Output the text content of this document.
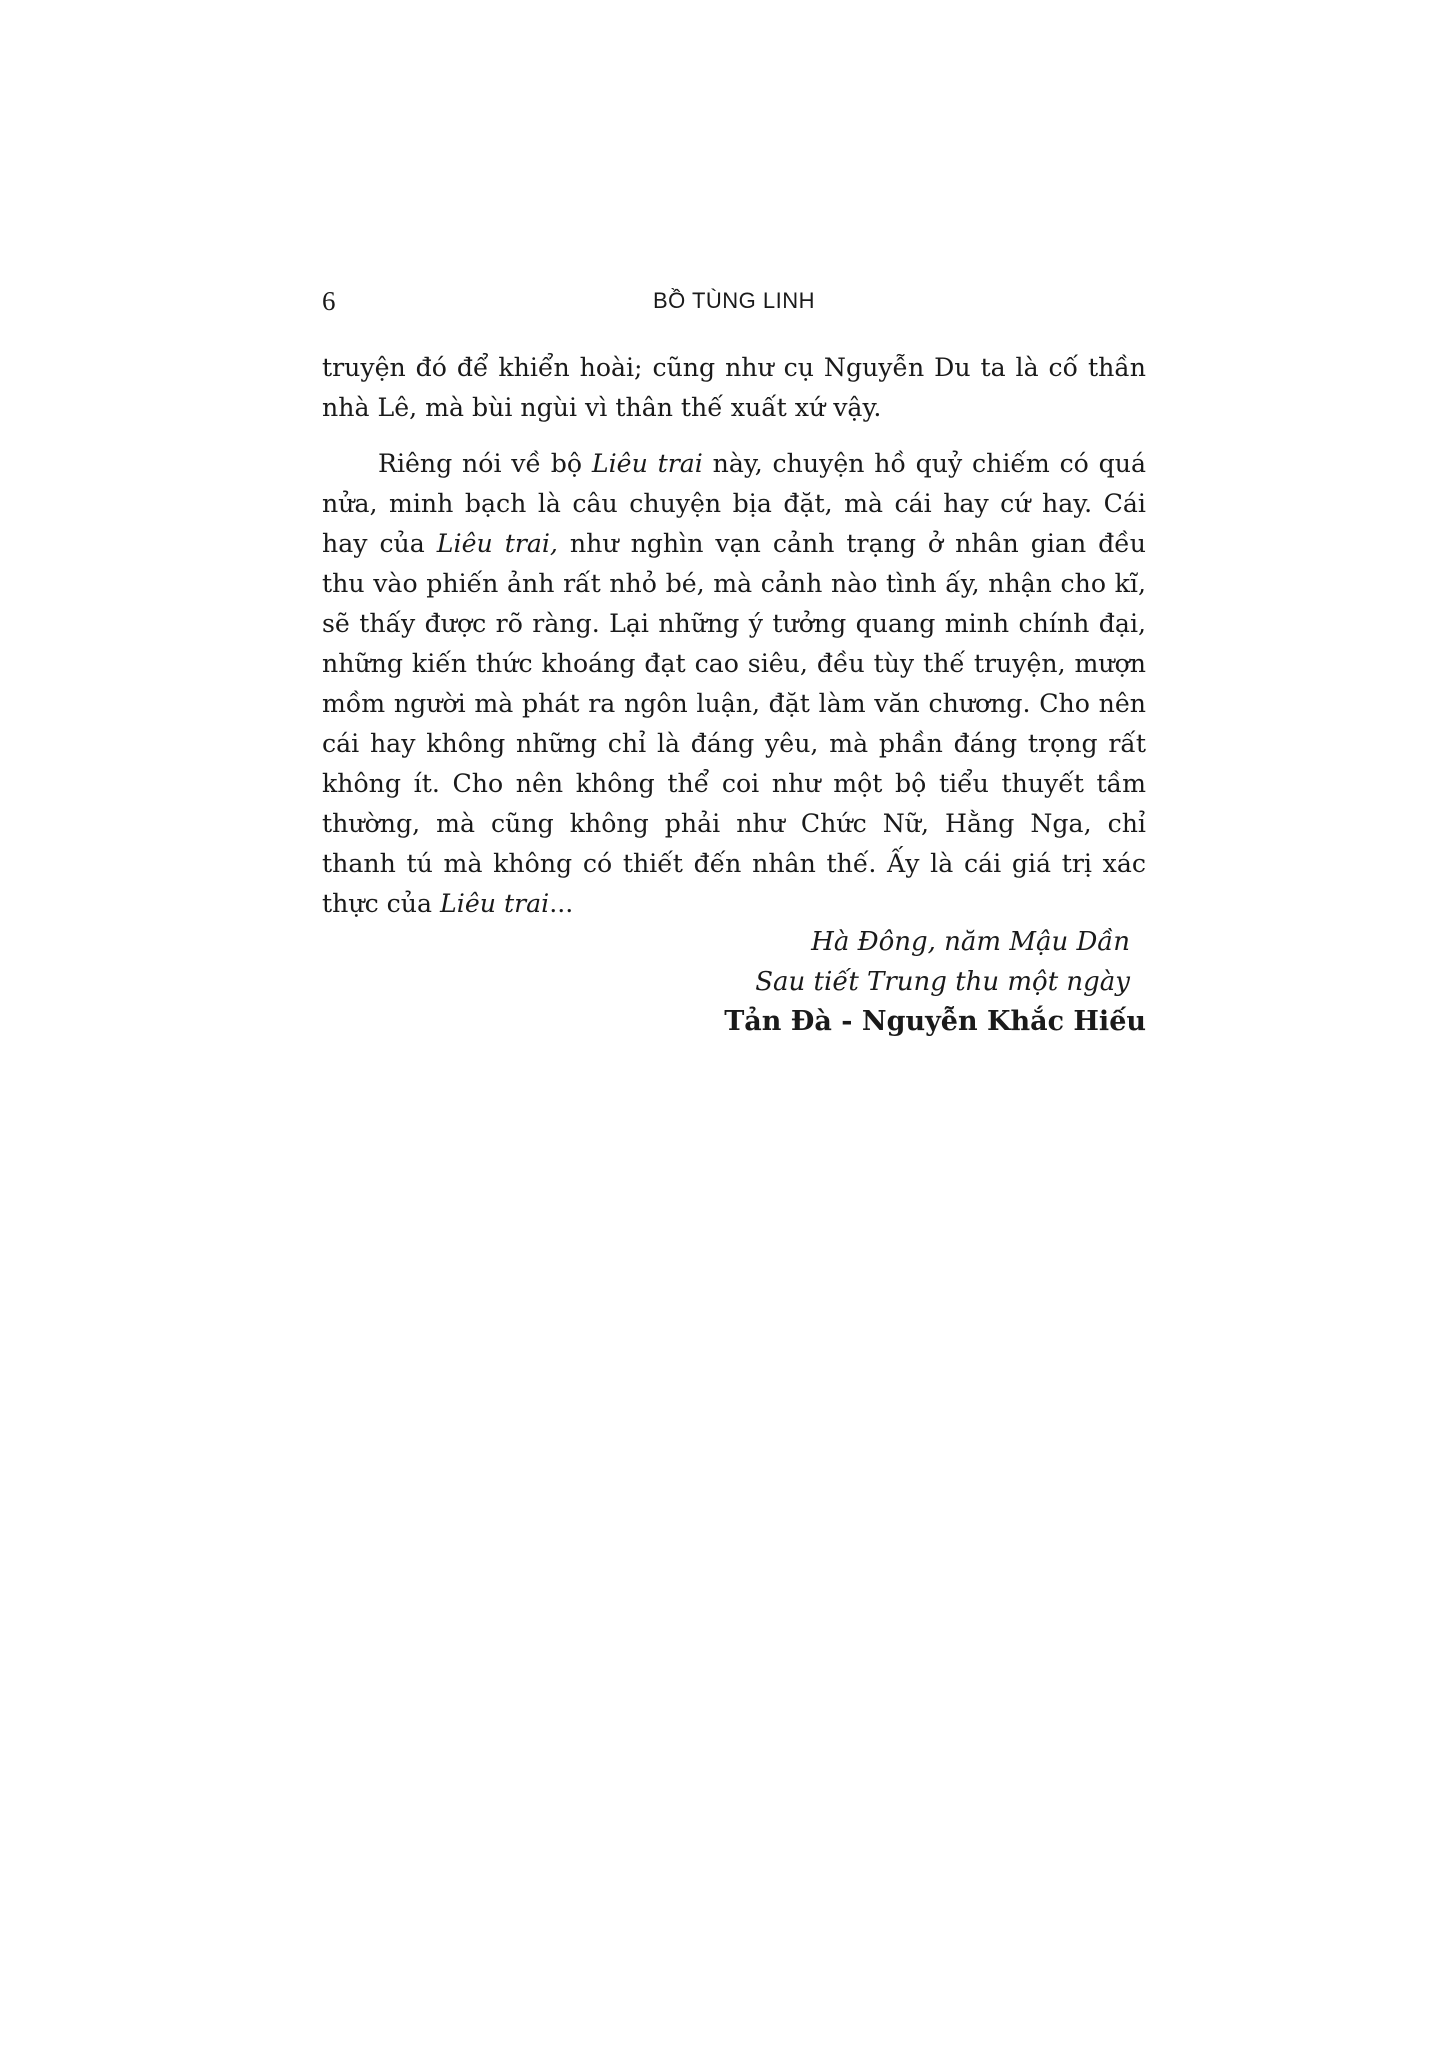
6	BỒ TÙNG LINH

truyện đó để khiển hoài; cũng như cụ Nguyễn Du ta là cố thần nhà Lê, mà bùi ngùi vì thân thế xuất xứ vậy.

Riêng nói về bộ Liêu trai này, chuyện hồ quỷ chiếm có quá nửa, minh bạch là câu chuyện bịa đặt, mà cái hay cứ hay. Cái hay của Liêu trai, như nghìn vạn cảnh trạng ở nhân gian đều thu vào phiến ảnh rất nhỏ bé, mà cảnh nào tình ấy, nhận cho kĩ, sẽ thấy được rõ ràng. Lại những ý tưởng quang minh chính đại, những kiến thức khoáng đạt cao siêu, đều tùy thế truyện, mượn mồm người mà phát ra ngôn luận, đặt làm văn chương. Cho nên cái hay không những chỉ là đáng yêu, mà phần đáng trọng rất không ít. Cho nên không thể coi như một bộ tiểu thuyết tầm thường, mà cũng không phải như Chức Nữ, Hằng Nga, chỉ thanh tú mà không có thiết đến nhân thế. Ấy là cái giá trị xác thực của Liêu trai...

Hà Đông, năm Mậu Dần
Sau tiết Trung thu một ngày
Tản Đà - Nguyễn Khắc Hiếu
